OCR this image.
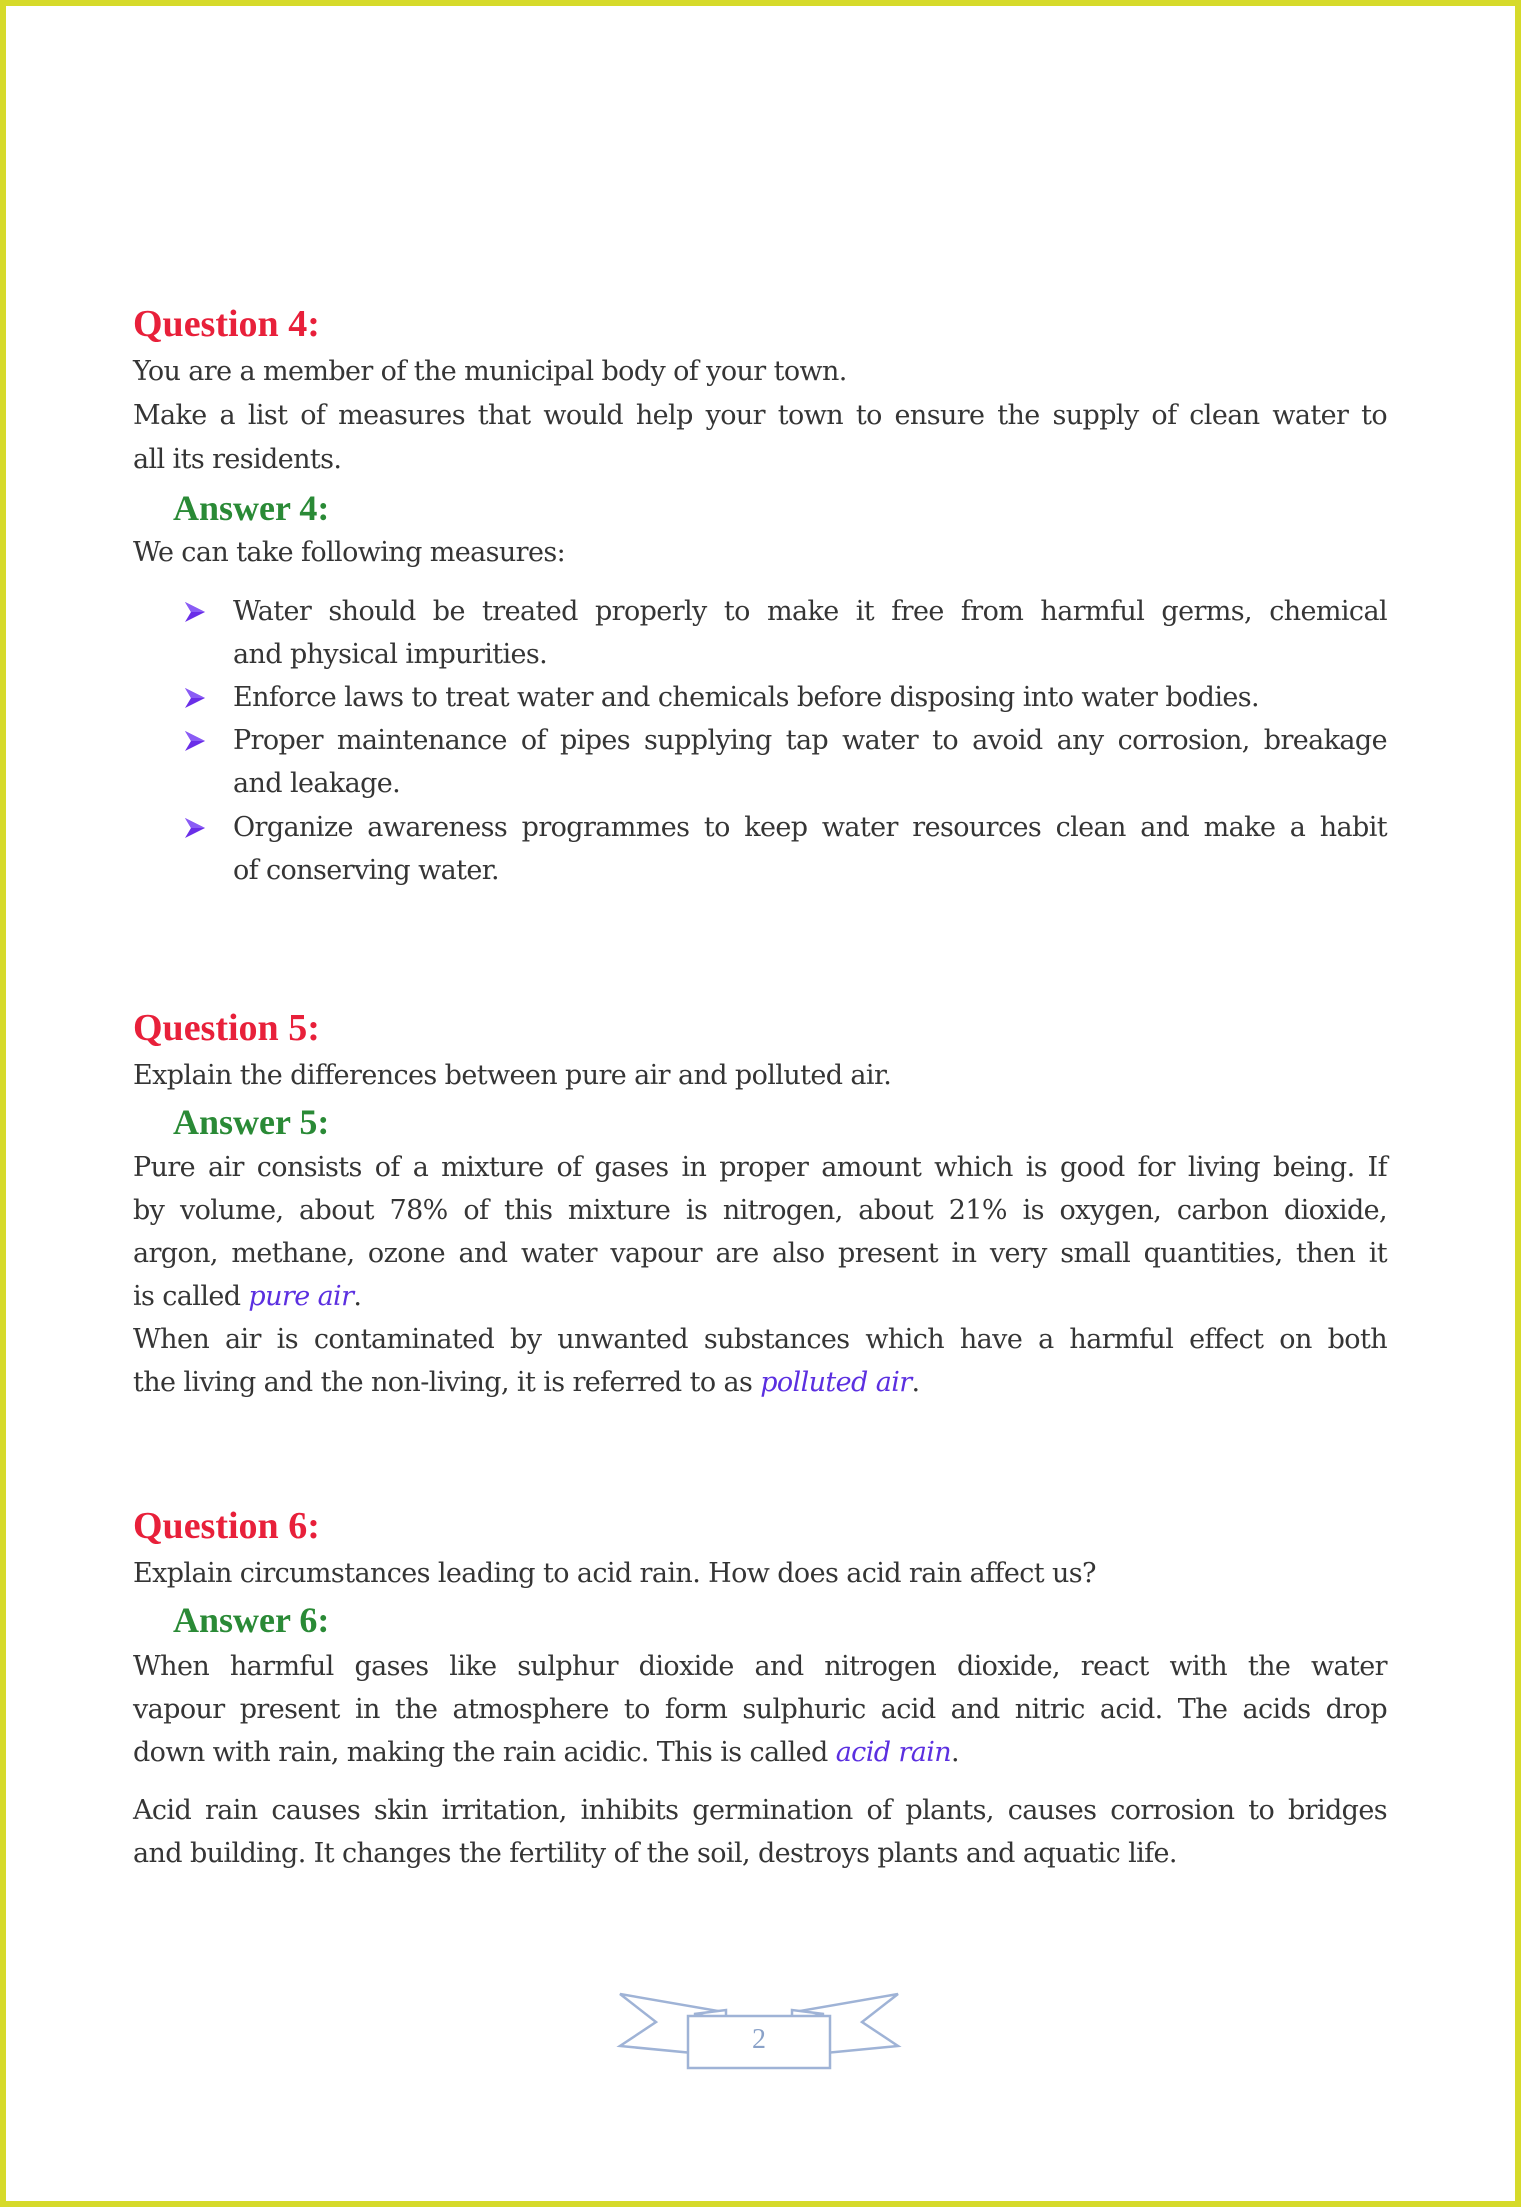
Question 4:
You are a member of the municipal body of your town.
Make a list of measures that would help your town to ensure the supply of clean water to
all its residents.
Answer 4:
We can take following measures:
Water should be treated properly to make it free from harmful germs, chemical
and physical impurities.
Enforce laws to treat water and chemicals before disposing into water bodies.
Proper maintenance of pipes supplying tap water to avoid any corrosion, breakage
and leakage.
Organize awareness programmes to keep water resources clean and make a habit
of conserving water.
Question 5:
Explain the differences between pure air and polluted air.
Answer 5:
Pure air consists of a mixture of gases in proper amount which is good for living being. If
by volume, about 78% of this mixture is nitrogen, about 21% is oxygen, carbon dioxide,
argon, methane, ozone and water vapour are also present in very small quantities, then it
is called pure air.
When air is contaminated by unwanted substances which have a harmful effect on both
the living and the non-living, it is referred to as polluted air.
Question 6:
Explain circumstances leading to acid rain. How does acid rain affect us?
Answer 6:
When harmful gases like sulphur dioxide and nitrogen dioxide, react with the water
vapour present in the atmosphere to form sulphuric acid and nitric acid. The acids drop
down with rain, making the rain acidic. This is called acid rain.
Acid rain causes skin irritation, inhibits germination of plants, causes corrosion to bridges
and building. It changes the fertility of the soil, destroys plants and aquatic life.
2
